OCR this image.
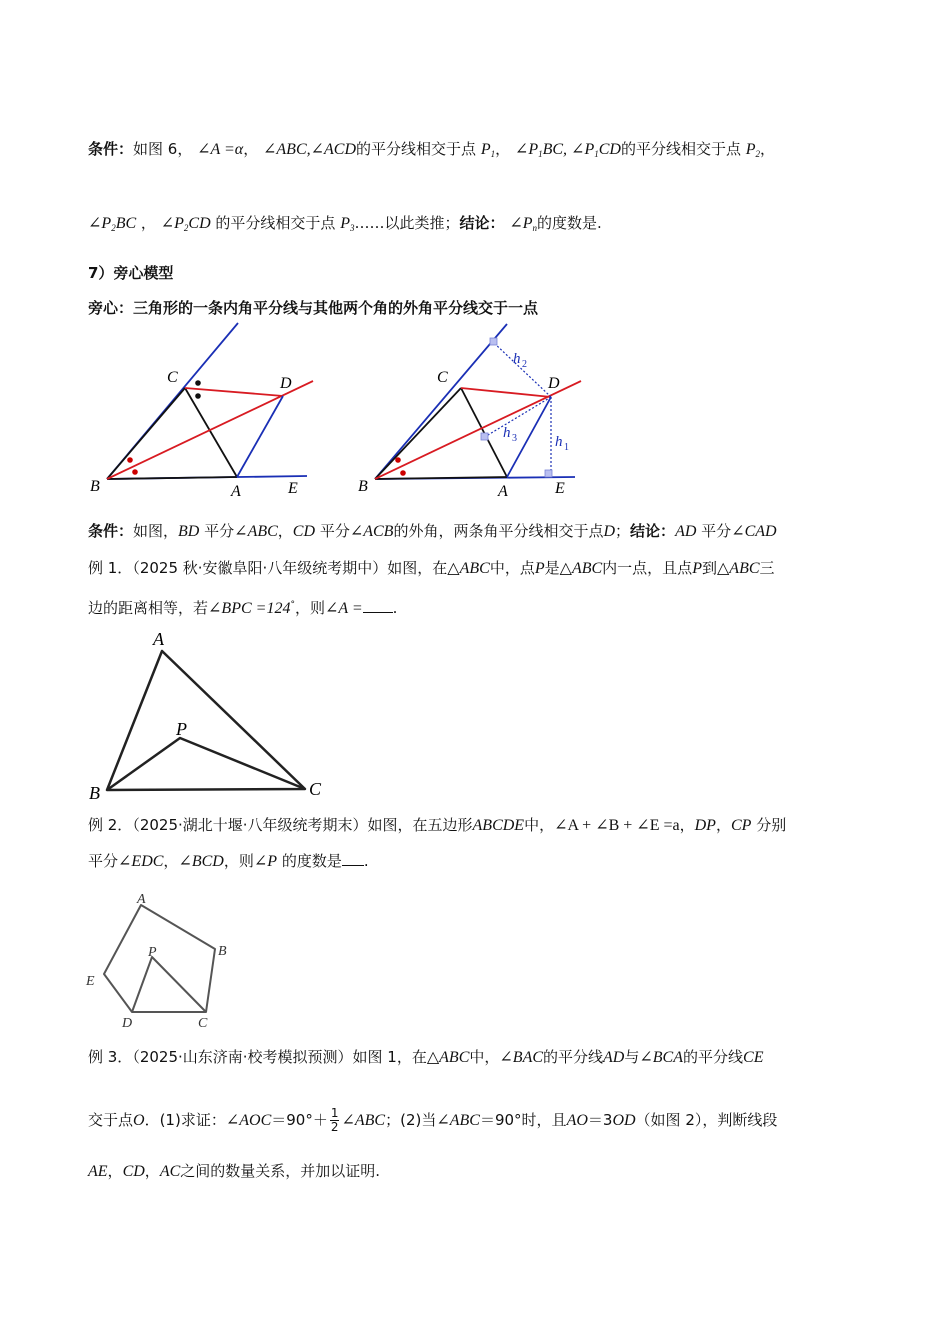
条件：如图 6， ∠A =α， ∠ABC,∠ACD的平分线相交于点 $P_1$， $\angle P_1BC$, $\angle P_1CD$的平分线相交于点 $P_2$，
$\angle P_2BC$ ， $\angle P_2CD$ 的平分线相交于点 $P_3\dots\dots$以此类推；结论： $\angle P_n$的度数是.
7）旁心模型
旁心：三角形的一条内角平分线与其他两个角的外角平分线交于一点
C	D
B	A	E
C	D
B	A	E
h 2
h 3	h 1
条件：如图，BD 平分∠ABC，CD 平分∠ACB的外角，两条角平分线相交于点D；结论：AD 平分∠CAD
例 1．（2025 秋·安徽阜阳·八年级统考期中）如图，在△ABC中，点P是△ABC内一点，且点P到△ABC三
边的距离相等，若∠BPC =124°，则∠A = .
A
P
B	C
例 2．（2025·湖北十堰·八年级统考期末）如图，在五边形ABCDE中，∠A + ∠B + ∠E =a，DP，CP 分别
平分∠EDC，∠BCD，则∠P 的度数是 .
A
B
P
E
D	C
例 3．（2025·山东济南·校考模拟预测）如图 1，在△ABC中，∠BAC的平分线AD与∠BCA的平分线CE
交于点O．(1)求证：∠AOC＝90°＋ $\frac{1}{2}$ ∠ABC；(2)当∠ABC＝90°时，且AO＝3OD（如图 2），判断线段
AE，CD，AC之间的数量关系，并加以证明.
